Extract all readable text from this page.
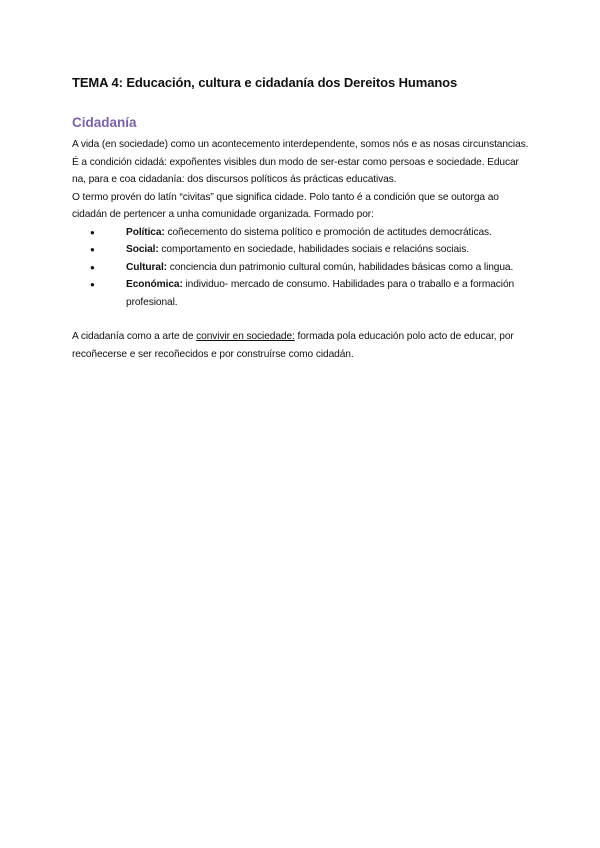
TEMA 4: Educación, cultura e cidadanía dos Dereitos Humanos
Cidadanía

A vida (en sociedade) como un acontecemento interdependente, somos nós e as nosas circunstancias. É a condición cidadá: expoñentes visibles dun modo de ser-estar como persoas e sociedade. Educar na, para e coa cidadanía: dos discursos políticos ás prácticas educativas.

O termo provén do latín “civitas” que significa cidade. Polo tanto é a condición que se outorga ao cidadán de pertencer a unha comunidade organizada. Formado por:

●	Política: coñecemento do sistema político e promoción de actitudes democráticas.
●	Social: comportamento en sociedade, habilidades sociais e relacións sociais.
●	Cultural: conciencia dun patrimonio cultural común, habilidades básicas como a lingua.
●	Económica: individuo- mercado de consumo. Habilidades para o traballo e a formación profesional.

A cidadanía como a arte de convivir en sociedade: formada pola educación polo acto de educar, por recoñecerse e ser recoñecidos e por construírse como cidadán.
